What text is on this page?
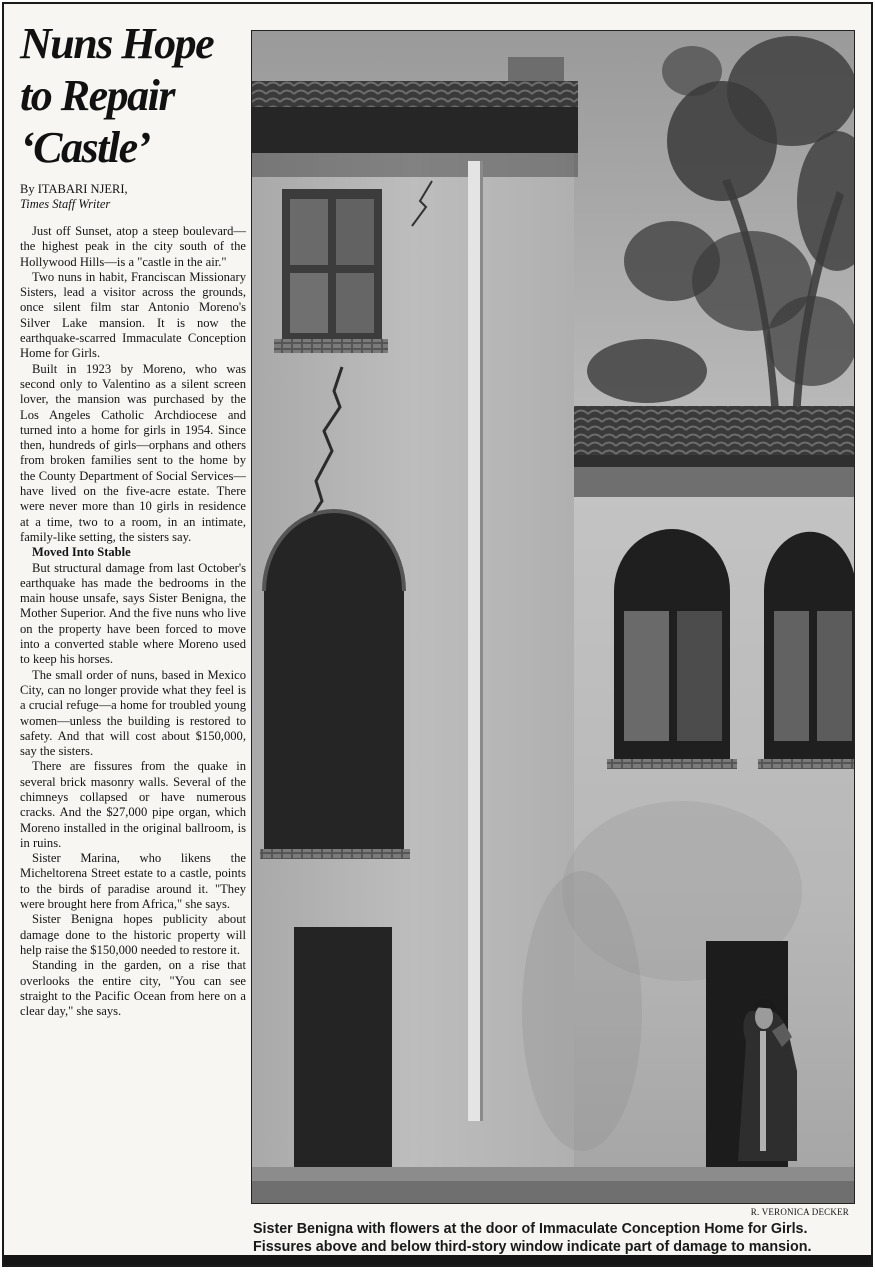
Nuns Hope
to Repair
‘Castle’
By ITABARI NJERI,
Times Staff Writer

Just off Sunset, atop a steep boulevard—the highest peak in the city south of the Hollywood Hills—is a "castle in the air."

Two nuns in habit, Franciscan Missionary Sisters, lead a visitor across the grounds, once silent film star Antonio Moreno's Silver Lake mansion. It is now the earthquake-scarred Immaculate Conception Home for Girls.

Built in 1923 by Moreno, who was second only to Valentino as a silent screen lover, the mansion was purchased by the Los Angeles Catholic Archdiocese and turned into a home for girls in 1954. Since then, hundreds of girls—orphans and others from broken families sent to the home by the County Department of Social Services—have lived on the five-acre estate. There were never more than 10 girls in residence at a time, two to a room, in an intimate, family-like setting, the sisters say.

Moved Into Stable

But structural damage from last October's earthquake has made the bedrooms in the main house unsafe, says Sister Benigna, the Mother Superior. And the five nuns who live on the property have been forced to move into a converted stable where Moreno used to keep his horses.

The small order of nuns, based in Mexico City, can no longer provide what they feel is a crucial refuge—a home for troubled young women—unless the building is restored to safety. And that will cost about $150,000, say the sisters.

There are fissures from the quake in several brick masonry walls. Several of the chimneys collapsed or have numerous cracks. And the $27,000 pipe organ, which Moreno installed in the original ballroom, is in ruins.

Sister Marina, who likens the Micheltorena Street estate to a castle, points to the birds of paradise around it. "They were brought here from Africa," she says.

Sister Benigna hopes publicity about damage done to the historic property will help raise the $150,000 needed to restore it.

Standing in the garden, on a rise that overlooks the entire city, "You can see straight to the Pacific Ocean from here on a clear day," she says.

R. VERONICA DECKER
Sister Benigna with flowers at the door of Immaculate Conception Home for Girls.
Fissures above and below third-story window indicate part of damage to mansion.
